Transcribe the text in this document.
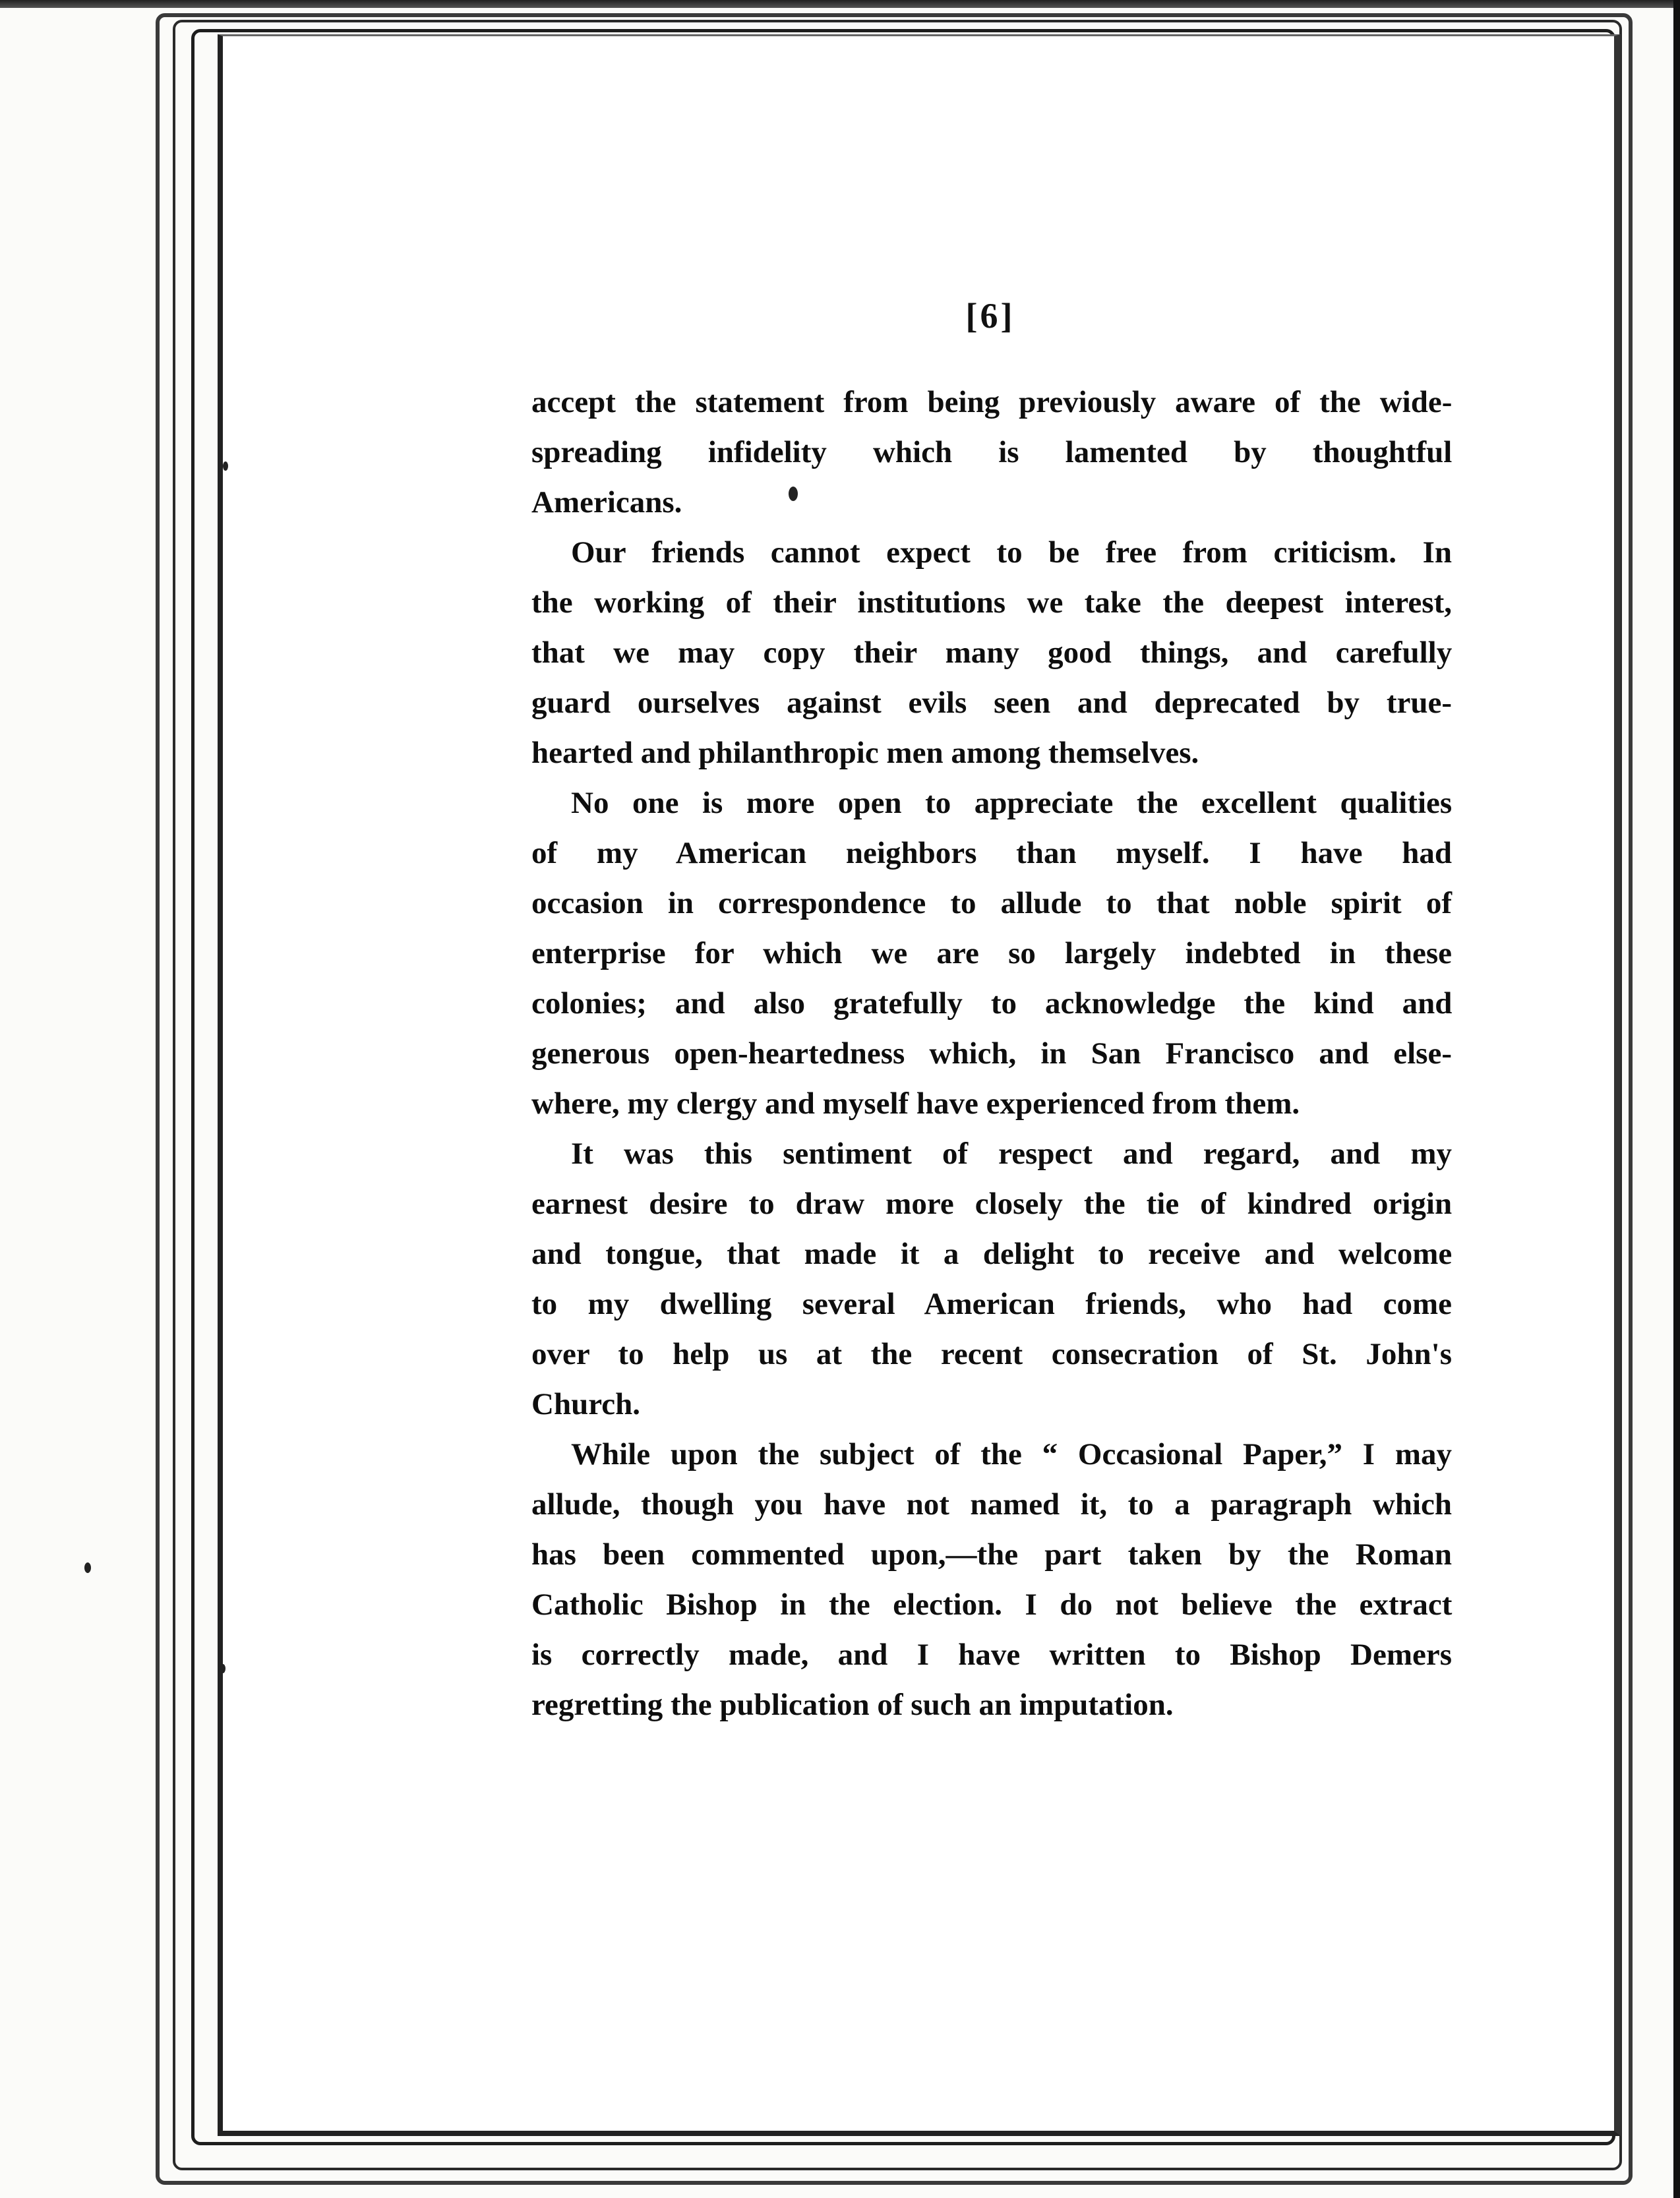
[6]
accept the statement from being previously aware of the wide-
spreading infidelity which is lamented by thoughtful
Americans.
Our friends cannot expect to be free from criticism. In
the working of their institutions we take the deepest interest,
that we may copy their many good things, and carefully
guard ourselves against evils seen and deprecated by true-
hearted and philanthropic men among themselves.
No one is more open to appreciate the excellent qualities
of my American neighbors than myself. I have had
occasion in correspondence to allude to that noble spirit of
enterprise for which we are so largely indebted in these
colonies; and also gratefully to acknowledge the kind and
generous open-heartedness which, in San Francisco and else-
where, my clergy and myself have experienced from them.
It was this sentiment of respect and regard, and my
earnest desire to draw more closely the tie of kindred origin
and tongue, that made it a delight to receive and welcome
to my dwelling several American friends, who had come
over to help us at the recent consecration of St. John's
Church.
While upon the subject of the “ Occasional Paper,” I may
allude, though you have not named it, to a paragraph which
has been commented upon,—the part taken by the Roman
Catholic Bishop in the election. I do not believe the extract
is correctly made, and I have written to Bishop Demers
regretting the publication of such an imputation.
